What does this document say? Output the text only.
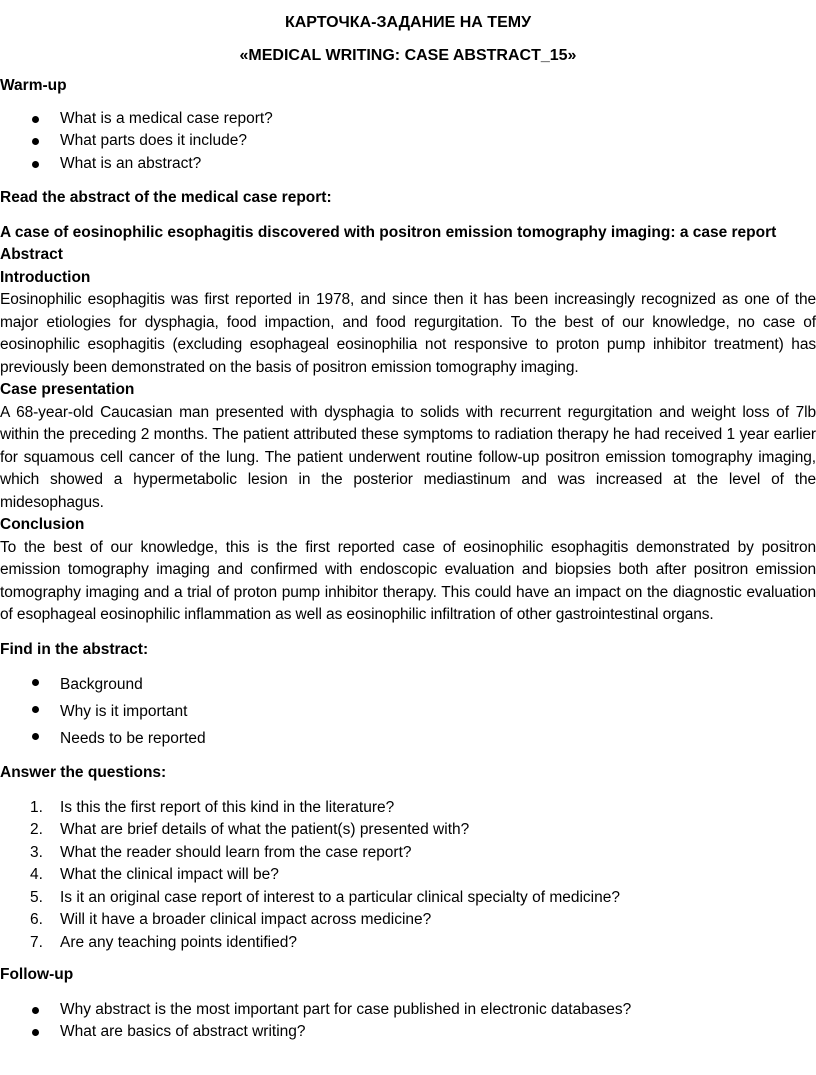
КАРТОЧКА-ЗАДАНИЕ НА ТЕМУ

«MEDICAL WRITING: CASE ABSTRACT_15»

Warm-up

What is a medical case report?
What parts does it include?
What is an abstract?

Read the abstract of the medical case report:

A case of eosinophilic esophagitis discovered with positron emission tomography imaging: a case report

Abstract

Introduction

Eosinophilic esophagitis was first reported in 1978, and since then it has been increasingly recognized as one of the major etiologies for dysphagia, food impaction, and food regurgitation. To the best of our knowledge, no case of eosinophilic esophagitis (excluding esophageal eosinophilia not responsive to proton pump inhibitor treatment) has previously been demonstrated on the basis of positron emission tomography imaging.

Case presentation

A 68-year-old Caucasian man presented with dysphagia to solids with recurrent regurgitation and weight loss of 7lb within the preceding 2 months. The patient attributed these symptoms to radiation therapy he had received 1 year earlier for squamous cell cancer of the lung. The patient underwent routine follow-up positron emission tomography imaging, which showed a hypermetabolic lesion in the posterior mediastinum and was increased at the level of the midesophagus.

Conclusion

To the best of our knowledge, this is the first reported case of eosinophilic esophagitis demonstrated by positron emission tomography imaging and confirmed with endoscopic evaluation and biopsies both after positron emission tomography imaging and a trial of proton pump inhibitor therapy. This could have an impact on the diagnostic evaluation of esophageal eosinophilic inflammation as well as eosinophilic infiltration of other gastrointestinal organs.

Find in the abstract:

Background
Why is it important
Needs to be reported

Answer the questions:

1.	Is this the first report of this kind in the literature?
2.	What are brief details of what the patient(s) presented with?
3.	What the reader should learn from the case report?
4.	What the clinical impact will be?
5.	Is it an original case report of interest to a particular clinical specialty of medicine?
6.	Will it have a broader clinical impact across medicine?
7.	Are any teaching points identified?

Follow-up

Why abstract is the most important part for case published in electronic databases?
What are basics of abstract writing?
